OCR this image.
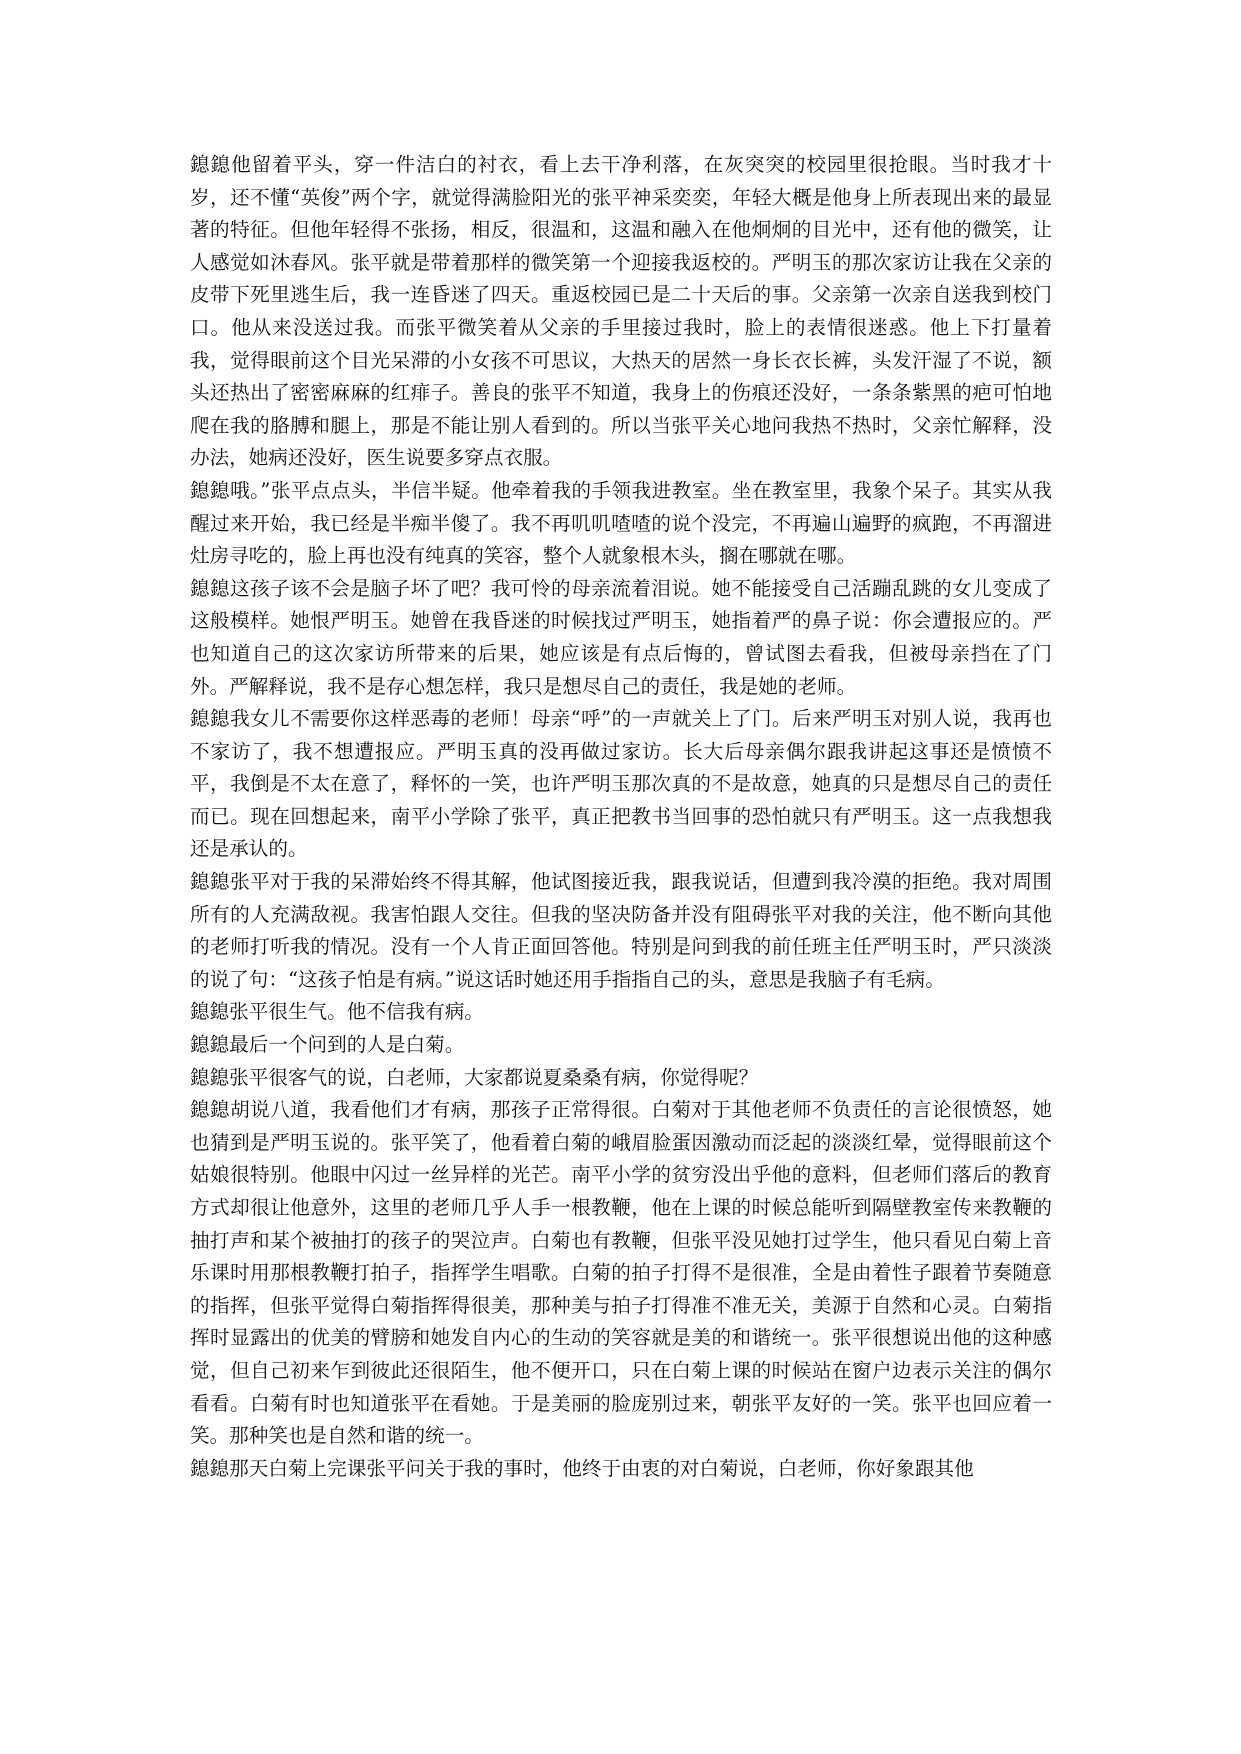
鎴鎴他留着平头，穿一件洁白的衬衣，看上去干净利落，在灰突突的校园里很抢眼。当时我才十岁，还不懂“英俊”两个字，就觉得满脸阳光的张平神采奕奕，年轻大概是他身上所表现出来的最显著的特征。但他年轻得不张扬，相反，很温和，这温和融入在他炯炯的目光中，还有他的微笑，让人感觉如沐春风。张平就是带着那样的微笑第一个迎接我返校的。严明玉的那次家访让我在父亲的皮带下死里逃生后，我一连昏迷了四天。重返校园已是二十天后的事。父亲第一次亲自送我到校门口。他从来没送过我。而张平微笑着从父亲的手里接过我时，脸上的表情很迷惑。他上下打量着我，觉得眼前这个目光呆滞的小女孩不可思议，大热天的居然一身长衣长裤，头发汗湿了不说，额头还热出了密密麻麻的红痱子。善良的张平不知道，我身上的伤痕还没好，一条条紫黑的疤可怕地爬在我的胳膊和腿上，那是不能让别人看到的。所以当张平关心地问我热不热时，父亲忙解释，没办法，她病还没好，医生说要多穿点衣服。

鎴鎴哦。”张平点点头，半信半疑。他牵着我的手领我进教室。坐在教室里，我象个呆子。其实从我醒过来开始，我已经是半痴半傻了。我不再叽叽喳喳的说个没完，不再遍山遍野的疯跑，不再溜进灶房寻吃的，脸上再也没有纯真的笑容，整个人就象根木头，搁在哪就在哪。

鎴鎴这孩子该不会是脑子坏了吧？我可怜的母亲流着泪说。她不能接受自己活蹦乱跳的女儿变成了这般模样。她恨严明玉。她曾在我昏迷的时候找过严明玉，她指着严的鼻子说：你会遭报应的。严也知道自己的这次家访所带来的后果，她应该是有点后悔的，曾试图去看我，但被母亲挡在了门外。严解释说，我不是存心想怎样，我只是想尽自己的责任，我是她的老师。

鎴鎴我女儿不需要你这样恶毒的老师！母亲“呼”的一声就关上了门。后来严明玉对别人说，我再也不家访了，我不想遭报应。严明玉真的没再做过家访。长大后母亲偶尔跟我讲起这事还是愤愤不平，我倒是不太在意了，释怀的一笑，也许严明玉那次真的不是故意，她真的只是想尽自己的责任而已。现在回想起来，南平小学除了张平，真正把教书当回事的恐怕就只有严明玉。这一点我想我还是承认的。

鎴鎴张平对于我的呆滞始终不得其解，他试图接近我，跟我说话，但遭到我冷漠的拒绝。我对周围所有的人充满敌视。我害怕跟人交往。但我的坚决防备并没有阻碍张平对我的关注，他不断向其他的老师打听我的情况。没有一个人肯正面回答他。特别是问到我的前任班主任严明玉时，严只淡淡的说了句：“这孩子怕是有病。”说这话时她还用手指指自己的头，意思是我脑子有毛病。

鎴鎴张平很生气。他不信我有病。

鎴鎴最后一个问到的人是白菊。

鎴鎴张平很客气的说，白老师，大家都说夏桑桑有病，你觉得呢？

鎴鎴胡说八道，我看他们才有病，那孩子正常得很。白菊对于其他老师不负责任的言论很愤怒，她也猜到是严明玉说的。张平笑了，他看着白菊的峨眉脸蛋因激动而泛起的淡淡红晕，觉得眼前这个姑娘很特别。他眼中闪过一丝异样的光芒。南平小学的贫穷没出乎他的意料，但老师们落后的教育方式却很让他意外，这里的老师几乎人手一根教鞭，他在上课的时候总能听到隔壁教室传来教鞭的抽打声和某个被抽打的孩子的哭泣声。白菊也有教鞭，但张平没见她打过学生，他只看见白菊上音乐课时用那根教鞭打拍子，指挥学生唱歌。白菊的拍子打得不是很准，全是由着性子跟着节奏随意的指挥，但张平觉得白菊指挥得很美，那种美与拍子打得准不准无关，美源于自然和心灵。白菊指挥时显露出的优美的臂膀和她发自内心的生动的笑容就是美的和谐统一。张平很想说出他的这种感觉，但自己初来乍到彼此还很陌生，他不便开口，只在白菊上课的时候站在窗户边表示关注的偶尔看看。白菊有时也知道张平在看她。于是美丽的脸庞别过来，朝张平友好的一笑。张平也回应着一笑。那种笑也是自然和谐的统一。

鎴鎴那天白菊上完课张平问关于我的事时，他终于由衷的对白菊说，白老师，你好象跟其他
